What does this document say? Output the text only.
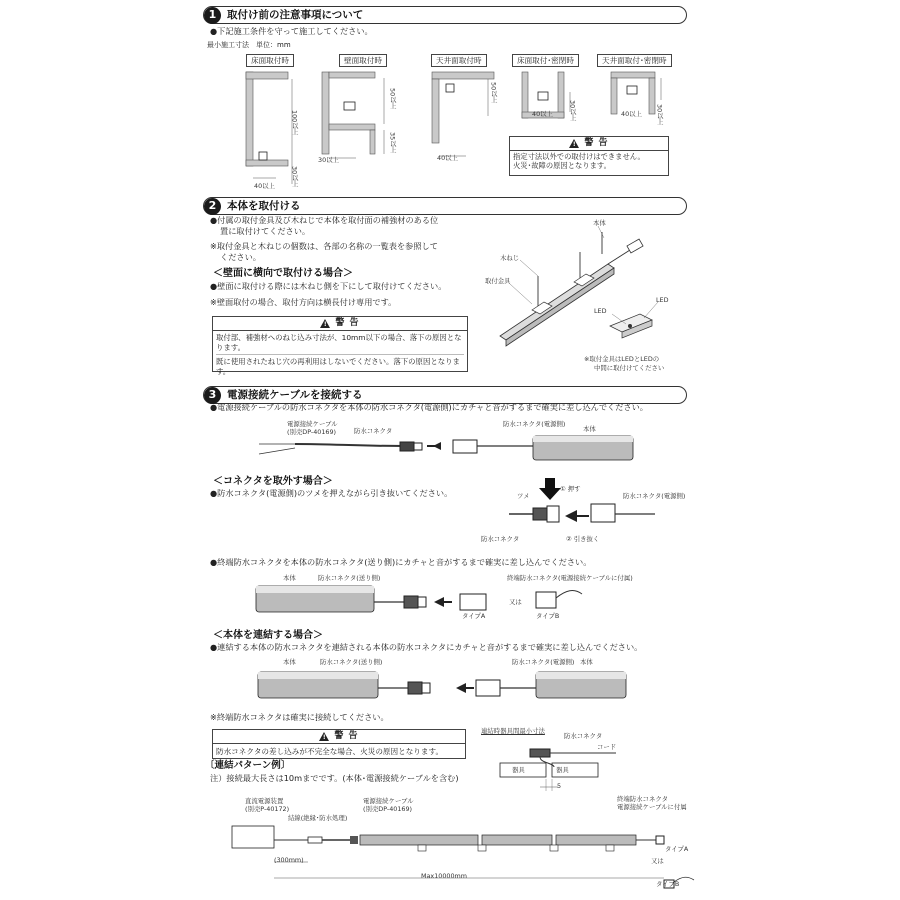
1	取付け前の注意事項について
●下記施工条件を守って施工してください。
最小施工寸法　単位：mm
床面取付時	壁面取付時	天井面取付時	床面取付･密閉時	天井面取付･密閉時
100以上
30以上
40以上
50以上
35以上
30以上
50以上
40以上
30以上
40以上	30以上
40以上
!
警 告
指定寸法以外での取付けはできません。
火災･故障の原因となります。
2	本体を取付ける
●付属の取付金具及び木ねじで本体を取付面の補強材のある位
置に取付けてください。
※取付金具と木ねじの個数は、各部の名称の一覧表を参照して
ください。
＜壁面に横向で取付ける場合＞
●壁面に取付ける際には木ねじ側を下にして取付けてください。
※壁面取付の場合、取付方向は横長付け専用です。
!
警 告
取付部、補強材へのねじ込み寸法が、10mm以下の場合、落下の原因となります。
既に使用されたねじ穴の再利用はしないでください。落下の原因となります。
本体
木ねじ
取付金具
LED
LED
※取付金具はLEDとLEDの
中間に取付けてください
3	電源接続ケーブルを接続する
●電源接続ケーブルの防水コネクタを本体の防水コネクタ(電源側)にカチャと音がするまで確実に差し込んでください。
電源接続ケーブル
(別売DP-40169)	防水コネクタ
防水コネクタ(電源側)
本体
＜コネクタを取外す場合＞
●防水コネクタ(電源側)のツメを押えながら引き抜いてください。	ツメ
① 押す
防水コネクタ(電源側)
防水コネクタ	② 引き抜く
●終端防水コネクタを本体の防水コネクタ(送り側)にカチャと音がするまで確実に差し込んでください。
本体	防水コネクタ(送り側)	終端防水コネクタ(電源接続ケーブルに付属)
又は
タイプA	タイプB
＜本体を連結する場合＞
●連結する本体の防水コネクタを連結される本体の防水コネクタにカチャと音がするまで確実に差し込んでください。
本体	防水コネクタ(送り側)	防水コネクタ(電源側) 本体
※終端防水コネクタは確実に接続してください。
!
警 告
防水コネクタの差し込みが不完全な場合、火災の原因となります。
連結時器具間最小寸法
防水コネクタ
コード
器具	器具
5
〔連結パターン例〕
注）接続最大長さは10mまでです。(本体･電源接続ケーブルを含む)
直流電源装置
(別売P-40172)
結線(絶縁･防水処理)
電源接続ケーブル
(別売DP-40169)
終端防水コネクタ
電源接続ケーブルに付属
(300mm)
Max10000mm
タイプA
又は
タイプB
